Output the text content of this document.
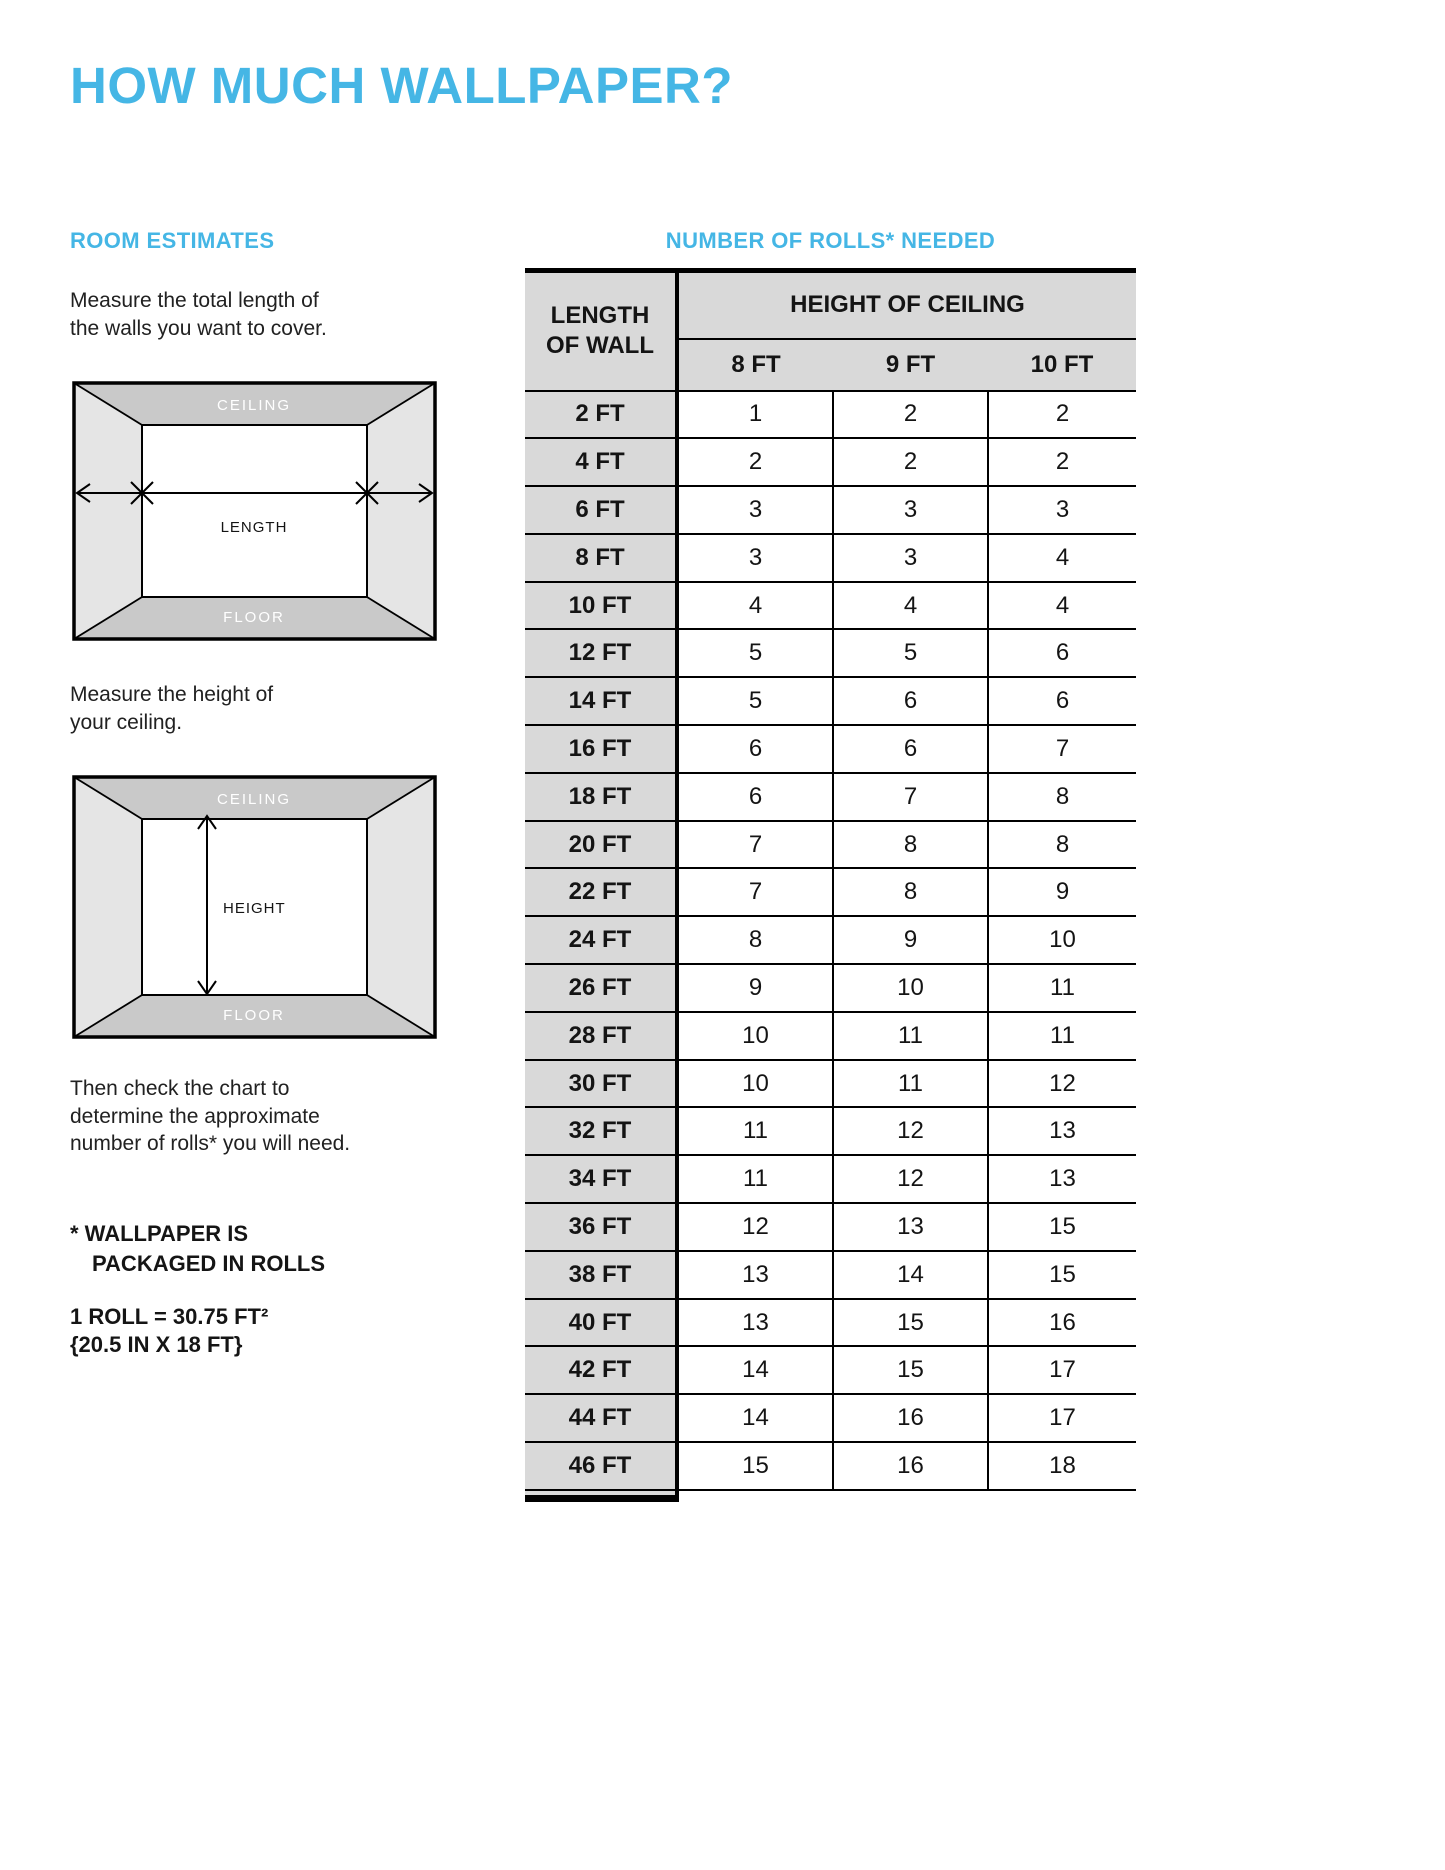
HOW MUCH WALLPAPER?
ROOM ESTIMATES

Measure the total length of
the walls you want to cover.

CEILING
FLOOR
LENGTH

Measure the height of
your ceiling.

CEILING
FLOOR
HEIGHT

Then check the chart to
determine the approximate
number of rolls* you will need.

* WALLPAPER IS
PACKAGED IN ROLLS

1 ROLL = 30.75 FT²
{20.5 IN X 18 FT}

NUMBER OF ROLLS* NEEDED
LENGTH OF WALL	HEIGHT OF CEILING		
	8 FT	9 FT	10 FT
2 FT	1	2	2
4 FT	2	2	2
6 FT	3	3	3
8 FT	3	3	4
10 FT	4	4	4
12 FT	5	5	6
14 FT	5	6	6
16 FT	6	6	7
18 FT	6	7	8
20 FT	7	8	8
22 FT	7	8	9
24 FT	8	9	10
26 FT	9	10	11
28 FT	10	11	11
30 FT	10	11	12
32 FT	11	12	13
34 FT	11	12	13
36 FT	12	13	15
38 FT	13	14	15
40 FT	13	15	16
42 FT	14	15	17
44 FT	14	16	17
46 FT	15	16	18
